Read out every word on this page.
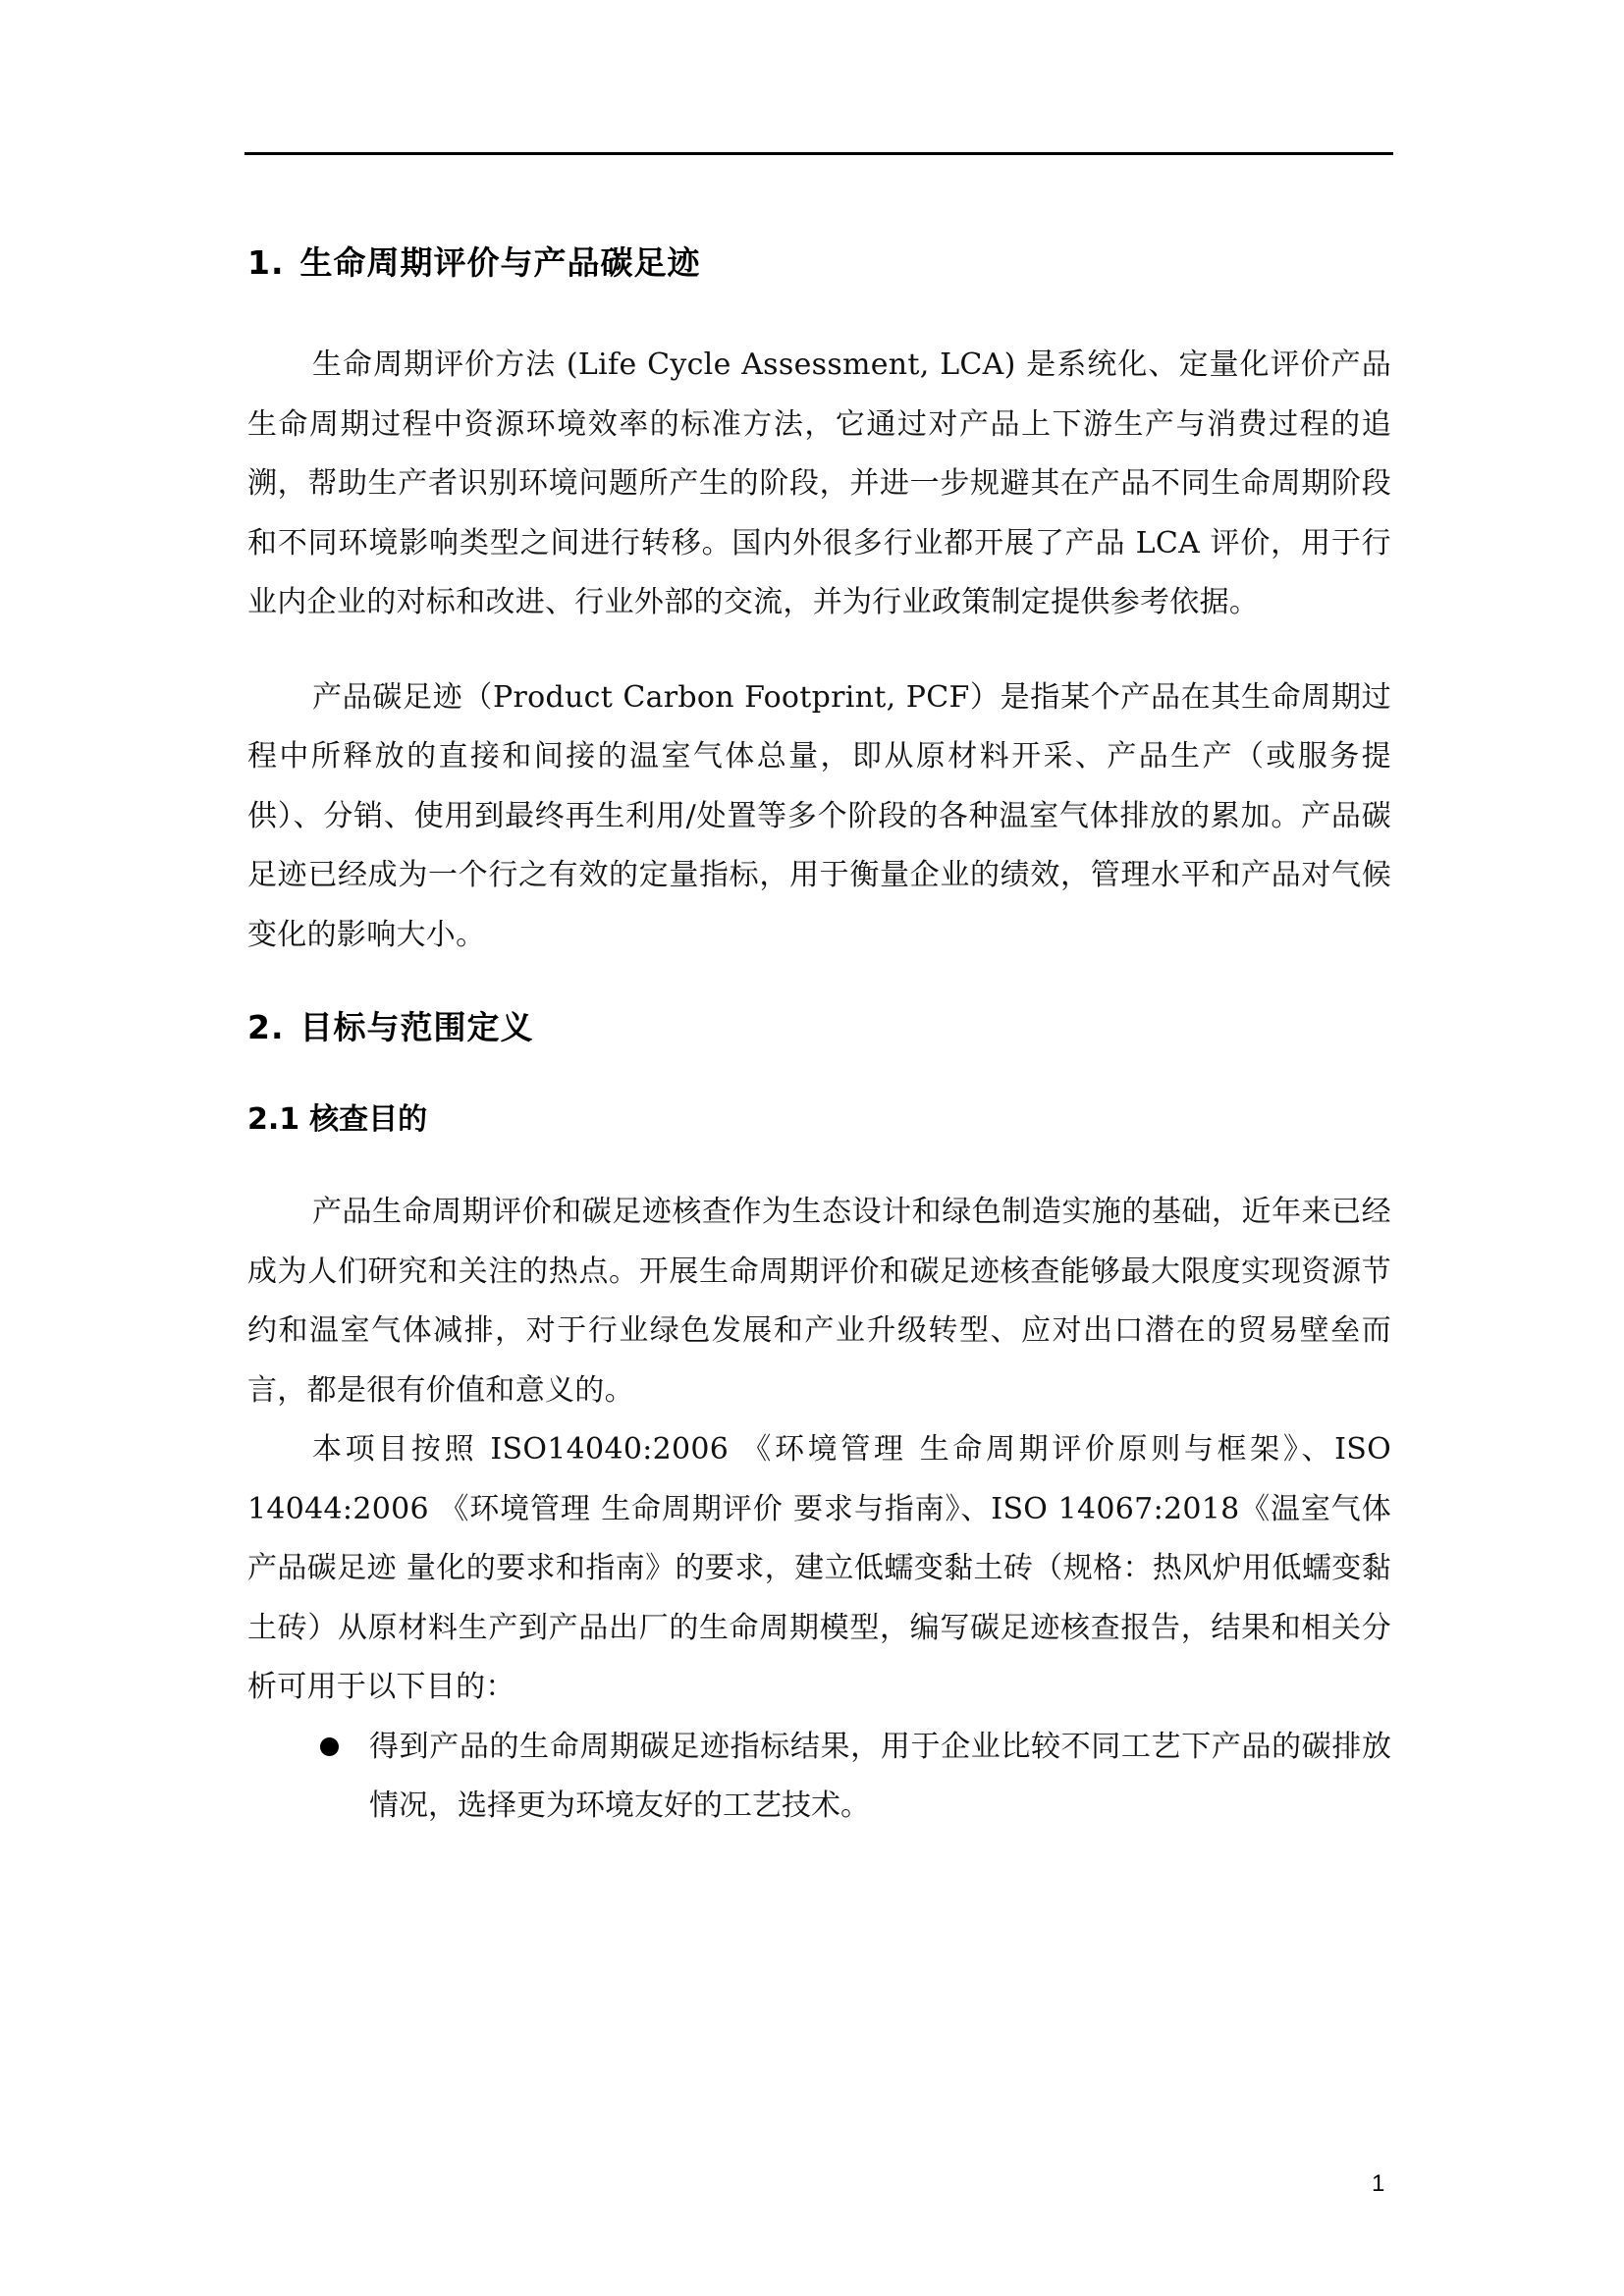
1. 生命周期评价与产品碳足迹

生命周期评价方法 (Life Cycle Assessment, LCA) 是系统化、定量化评价产品生命周期过程中资源环境效率的标准方法，它通过对产品上下游生产与消费过程的追溯，帮助生产者识别环境问题所产生的阶段，并进一步规避其在产品不同生命周期阶段和不同环境影响类型之间进行转移。国内外很多行业都开展了产品 LCA 评价，用于行业内企业的对标和改进、行业外部的交流，并为行业政策制定提供参考依据。

产品碳足迹（Product Carbon Footprint, PCF）是指某个产品在其生命周期过程中所释放的直接和间接的温室气体总量，即从原材料开采、产品生产（或服务提供）、分销、使用到最终再生利用/处置等多个阶段的各种温室气体排放的累加。产品碳足迹已经成为一个行之有效的定量指标，用于衡量企业的绩效，管理水平和产品对气候变化的影响大小。

2. 目标与范围定义
2.1 核查目的

产品生命周期评价和碳足迹核查作为生态设计和绿色制造实施的基础，近年来已经成为人们研究和关注的热点。开展生命周期评价和碳足迹核查能够最大限度实现资源节约和温室气体减排，对于行业绿色发展和产业升级转型、应对出口潜在的贸易壁垒而言，都是很有价值和意义的。

本项目按照 ISO14040:2006 《环境管理 生命周期评价原则与框架》、ISO 14044:2006 《环境管理 生命周期评价 要求与指南》、ISO 14067:2018《温室气体 产品碳足迹 量化的要求和指南》的要求，建立低蠕变黏土砖（规格：热风炉用低蠕变黏土砖）从原材料生产到产品出厂的生命周期模型，编写碳足迹核查报告，结果和相关分析可用于以下目的：

得到产品的生命周期碳足迹指标结果，用于企业比较不同工艺下产品的碳排放情况，选择更为环境友好的工艺技术。
1
